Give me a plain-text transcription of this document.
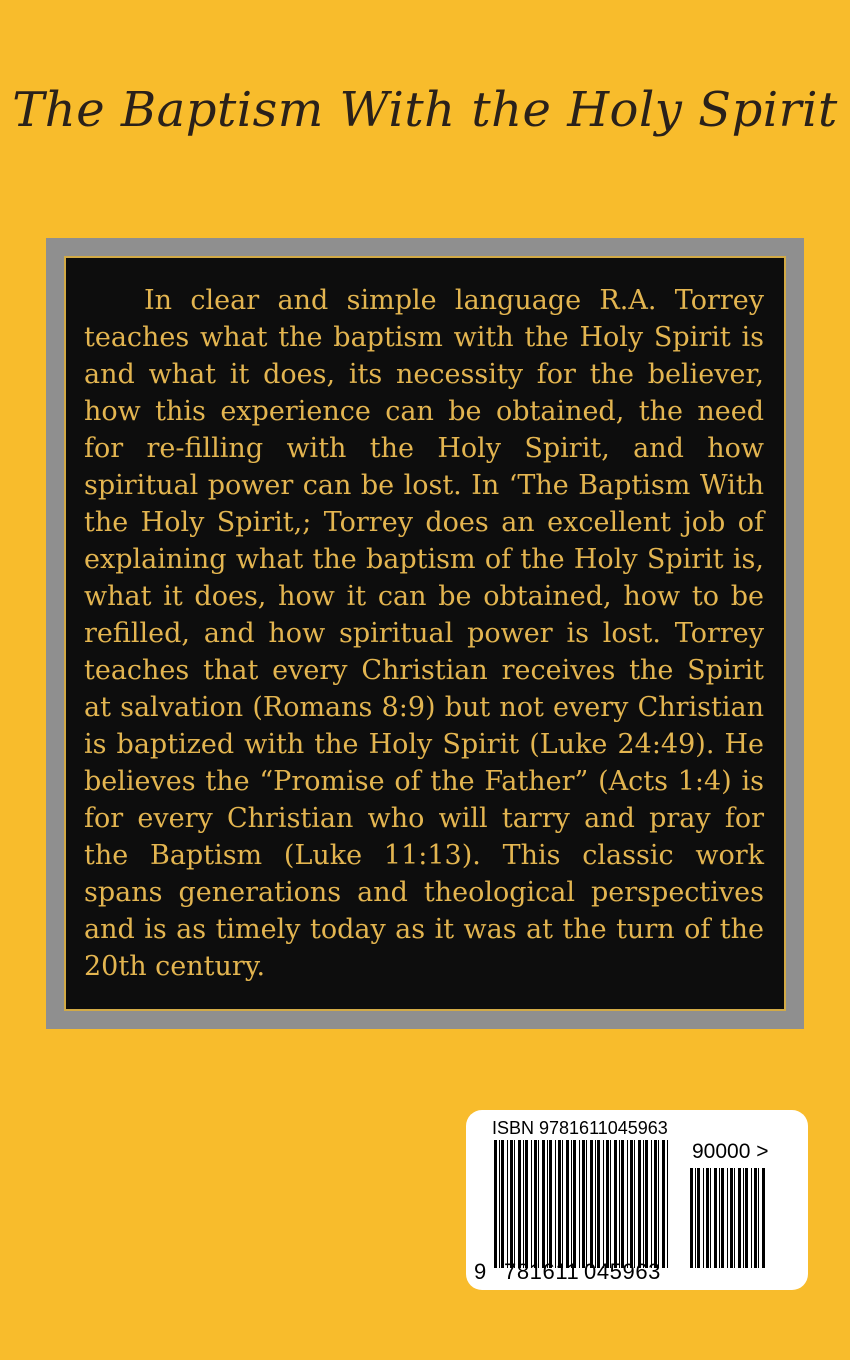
The Baptism With the Holy Spirit

In clear and simple language R.A. Torrey teaches what the baptism with the Holy Spirit is and what it does, its necessity for the believer, how this experience can be obtained, the need for re-filling with the Holy Spirit, and how spiritual power can be lost. In ‘The Baptism With the Holy Spirit,; Torrey does an excellent job of explaining what the baptism of the Holy Spirit is, what it does, how it can be obtained, how to be refilled, and how spiritual power is lost. Torrey teaches that every Christian receives the Spirit at salvation (Romans 8:9) but not every Christian is baptized with the Holy Spirit (Luke 24:49). He believes the “Promise of the Father” (Acts 1:4) is for every Christian who will tarry and pray for the Baptism (Luke 11:13). This classic work spans generations and theological perspectives and is as timely today as it was at the turn of the 20th century.

ISBN 9781611045963
90000 >
9 781611 045963
